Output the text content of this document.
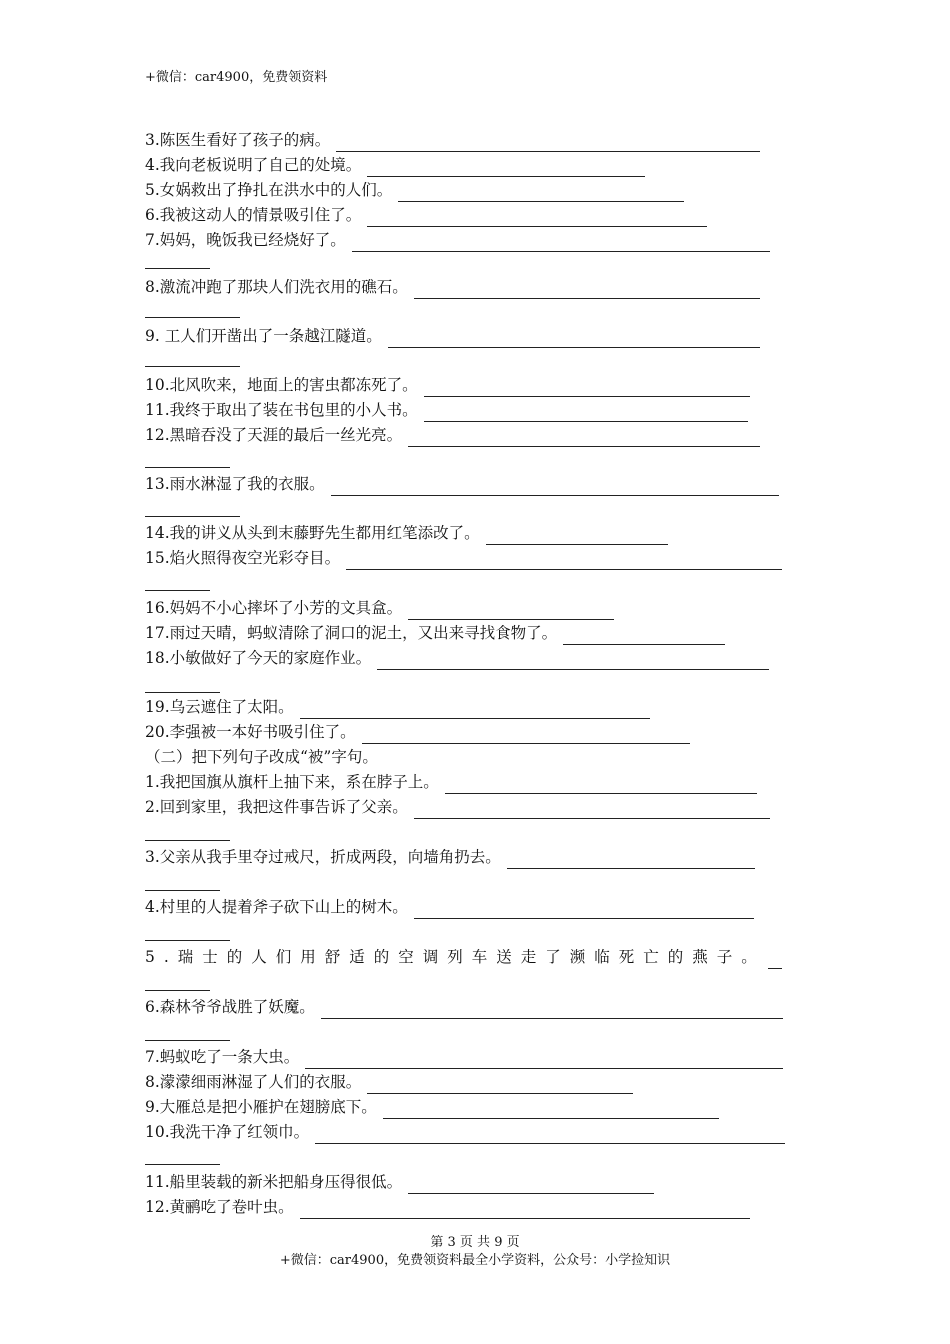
+微信：car4900，免费领资料
3.陈医生看好了孩子的病。
4.我向老板说明了自己的处境。
5.女娲救出了挣扎在洪水中的人们。
6.我被这动人的情景吸引住了。
7.妈妈，晚饭我已经烧好了。
8.激流冲跑了那块人们洗衣用的礁石。
9. 工人们开凿出了一条越江隧道。
10.北风吹来，地面上的害虫都冻死了。
11.我终于取出了装在书包里的小人书。
12.黑暗吞没了天涯的最后一丝光亮。
13.雨水淋湿了我的衣服。
14.我的讲义从头到末藤野先生都用红笔添改了。
15.焰火照得夜空光彩夺目。
16.妈妈不小心摔坏了小芳的文具盒。
17.雨过天晴，蚂蚁清除了洞口的泥土，又出来寻找食物了。
18.小敏做好了今天的家庭作业。
19.乌云遮住了太阳。
20.李强被一本好书吸引住了。
（二）把下列句子改成“被”字句。
1.我把国旗从旗杆上抽下来，系在脖子上。
2.回到家里，我把这件事告诉了父亲。
3.父亲从我手里夺过戒尺，折成两段，向墙角扔去。
4.村里的人提着斧子砍下山上的树木。
5.瑞士的人们用舒适的空调列车送走了濒临死亡的燕子。
6.森林爷爷战胜了妖魔。
7.蚂蚁吃了一条大虫。
8.濛濛细雨淋湿了人们的衣服。
9.大雁总是把小雁护在翅膀底下。
10.我洗干净了红领巾。
11.船里装载的新米把船身压得很低。
12.黄鹂吃了卷叶虫。
第 3 页 共 9 页
+微信：car4900，免费领资料最全小学资料，公众号：小学捡知识
